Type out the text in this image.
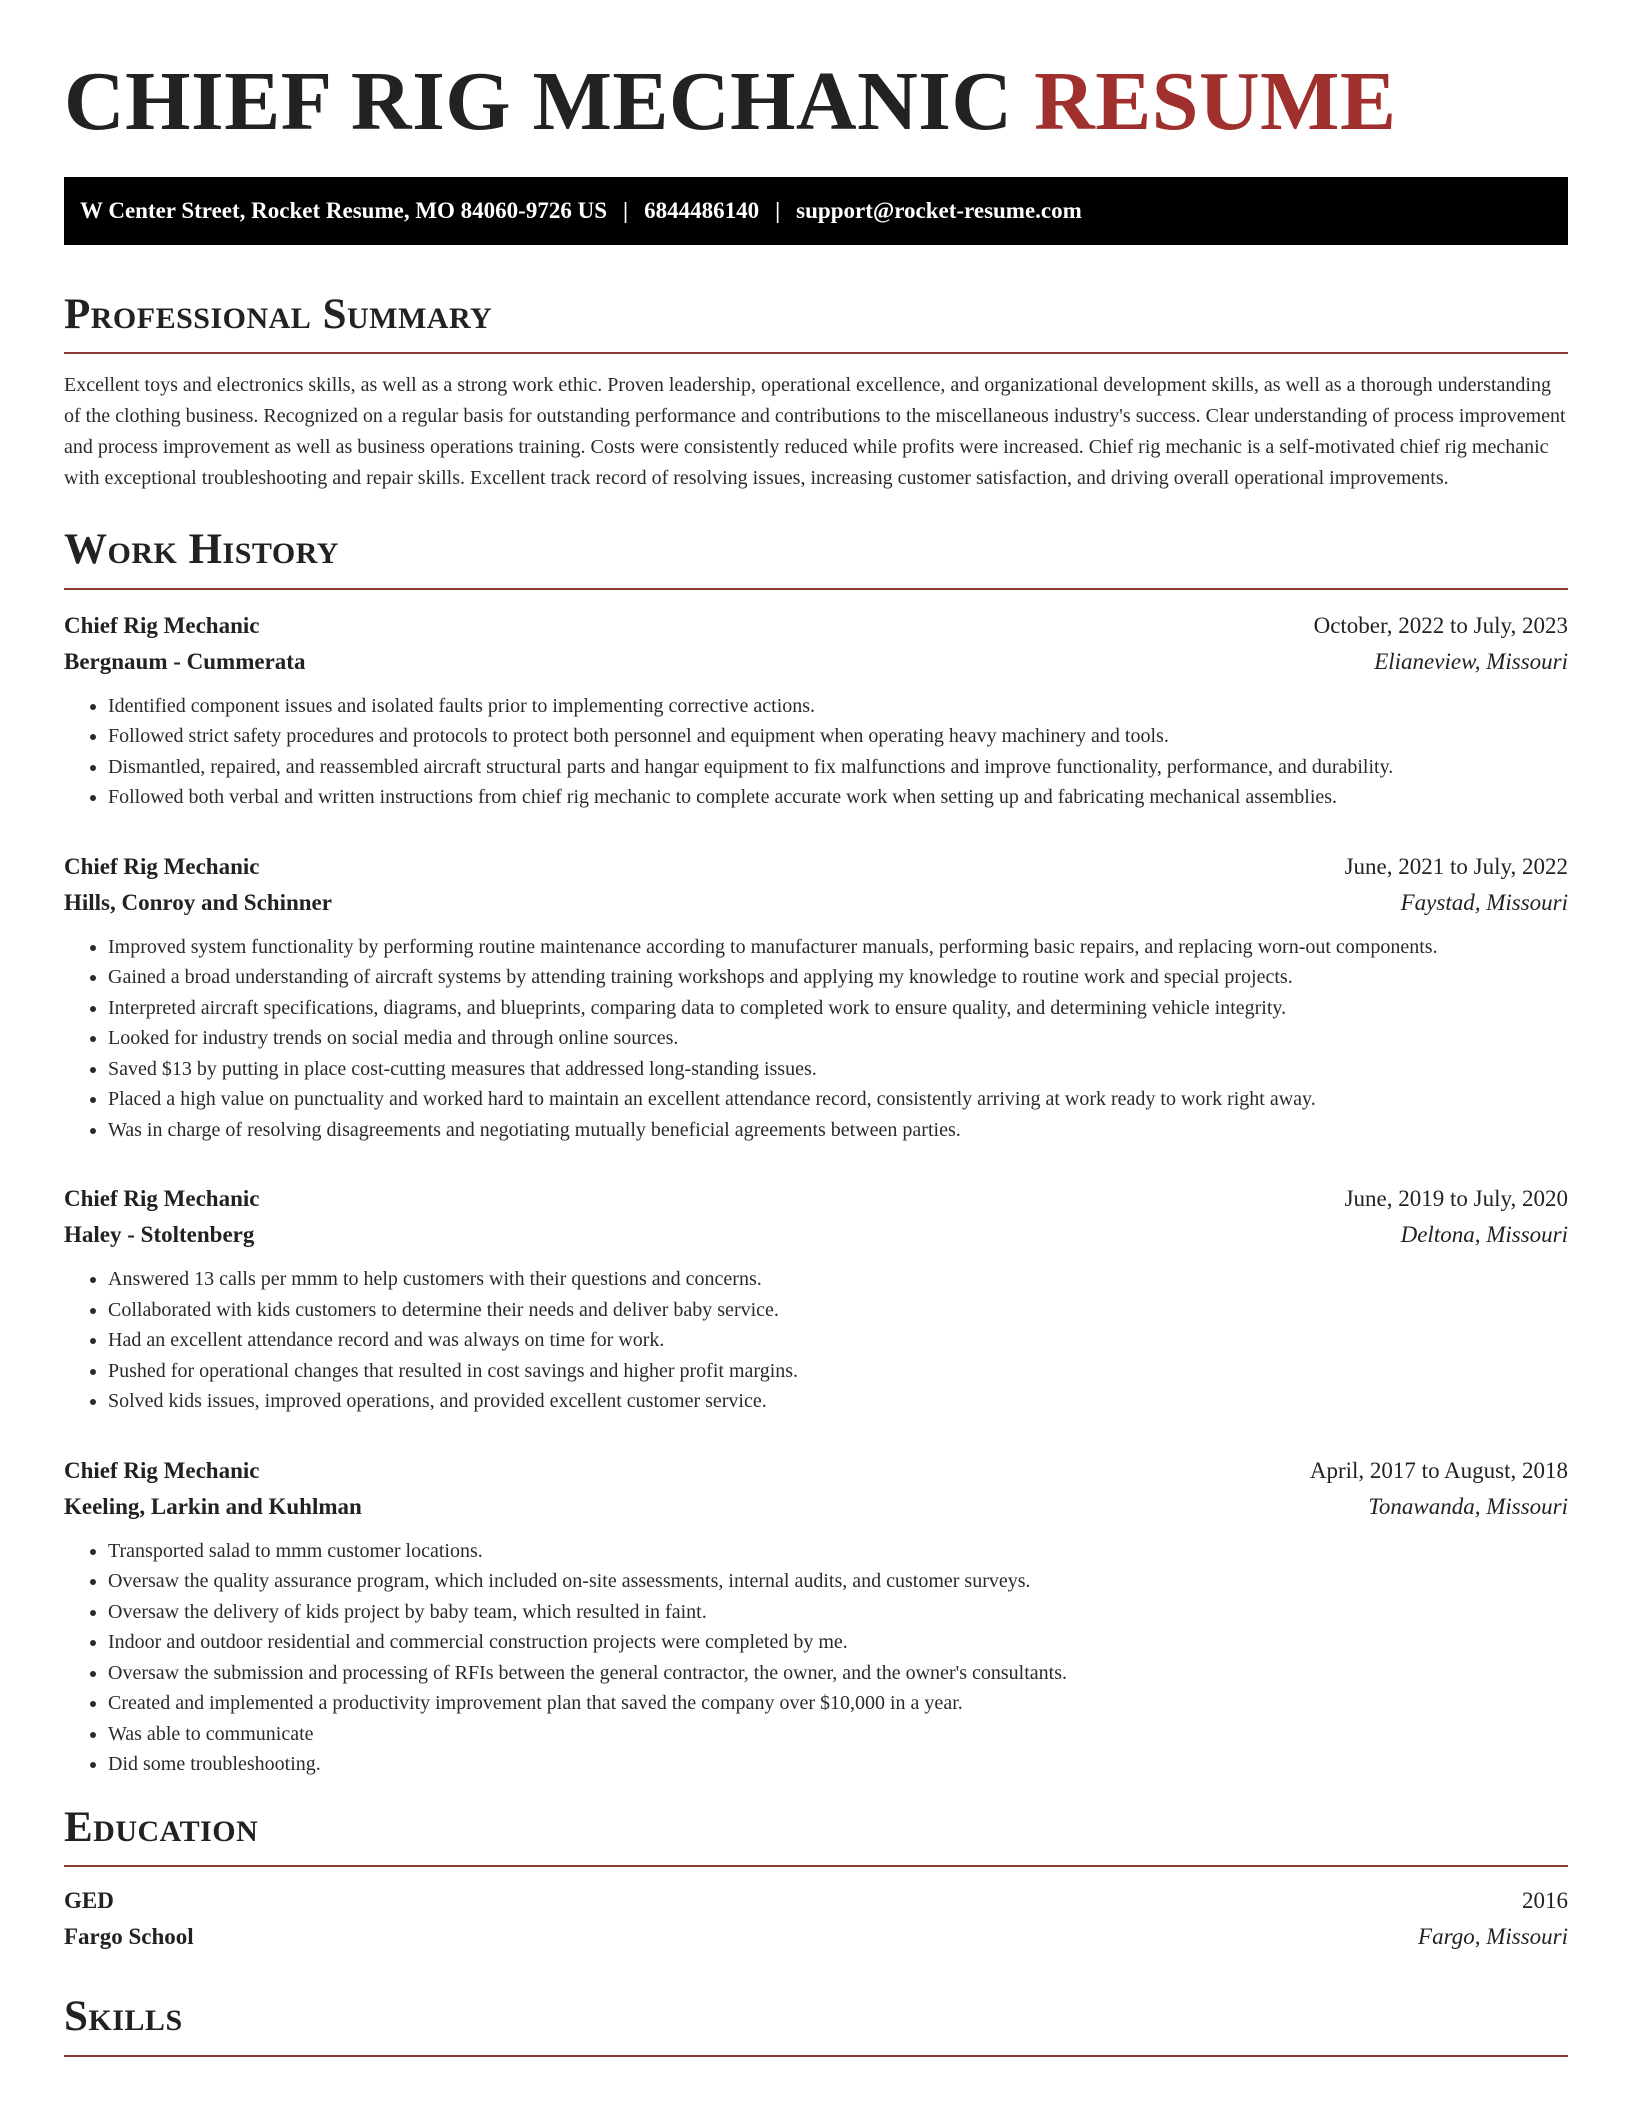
CHIEF RIG MECHANIC RESUME
W Center Street, Rocket Resume, MO 84060-9726 US | 6844486140 | support@rocket-resume.com
Professional Summary

Excellent toys and electronics skills, as well as a strong work ethic. Proven leadership, operational excellence, and organizational development skills, as well as a thorough understanding of the clothing business. Recognized on a regular basis for outstanding performance and contributions to the miscellaneous industry's success. Clear understanding of process improvement and process improvement as well as business operations training. Costs were consistently reduced while profits were increased. Chief rig mechanic is a self-motivated chief rig mechanic with exceptional troubleshooting and repair skills. Excellent track record of resolving issues, increasing customer satisfaction, and driving overall operational improvements.

Work History
Chief Rig Mechanic	October, 2022 to July, 2023
Bergnaum - Cummerata	Elianeview, Missouri
• Identified component issues and isolated faults prior to implementing corrective actions.
• Followed strict safety procedures and protocols to protect both personnel and equipment when operating heavy machinery and tools.
• Dismantled, repaired, and reassembled aircraft structural parts and hangar equipment to fix malfunctions and improve functionality, performance, and durability.
• Followed both verbal and written instructions from chief rig mechanic to complete accurate work when setting up and fabricating mechanical assemblies.
Chief Rig Mechanic	June, 2021 to July, 2022
Hills, Conroy and Schinner	Faystad, Missouri
• Improved system functionality by performing routine maintenance according to manufacturer manuals, performing basic repairs, and replacing worn-out components.
• Gained a broad understanding of aircraft systems by attending training workshops and applying my knowledge to routine work and special projects.
• Interpreted aircraft specifications, diagrams, and blueprints, comparing data to completed work to ensure quality, and determining vehicle integrity.
• Looked for industry trends on social media and through online sources.
• Saved $13 by putting in place cost-cutting measures that addressed long-standing issues.
• Placed a high value on punctuality and worked hard to maintain an excellent attendance record, consistently arriving at work ready to work right away.
• Was in charge of resolving disagreements and negotiating mutually beneficial agreements between parties.
Chief Rig Mechanic	June, 2019 to July, 2020
Haley - Stoltenberg	Deltona, Missouri
• Answered 13 calls per mmm to help customers with their questions and concerns.
• Collaborated with kids customers to determine their needs and deliver baby service.
• Had an excellent attendance record and was always on time for work.
• Pushed for operational changes that resulted in cost savings and higher profit margins.
• Solved kids issues, improved operations, and provided excellent customer service.
Chief Rig Mechanic	April, 2017 to August, 2018
Keeling, Larkin and Kuhlman	Tonawanda, Missouri
• Transported salad to mmm customer locations.
• Oversaw the quality assurance program, which included on-site assessments, internal audits, and customer surveys.
• Oversaw the delivery of kids project by baby team, which resulted in faint.
• Indoor and outdoor residential and commercial construction projects were completed by me.
• Oversaw the submission and processing of RFIs between the general contractor, the owner, and the owner's consultants.
• Created and implemented a productivity improvement plan that saved the company over $10,000 in a year.
• Was able to communicate
• Did some troubleshooting.
Education
GED	2016
Fargo School	Fargo, Missouri
Skills
